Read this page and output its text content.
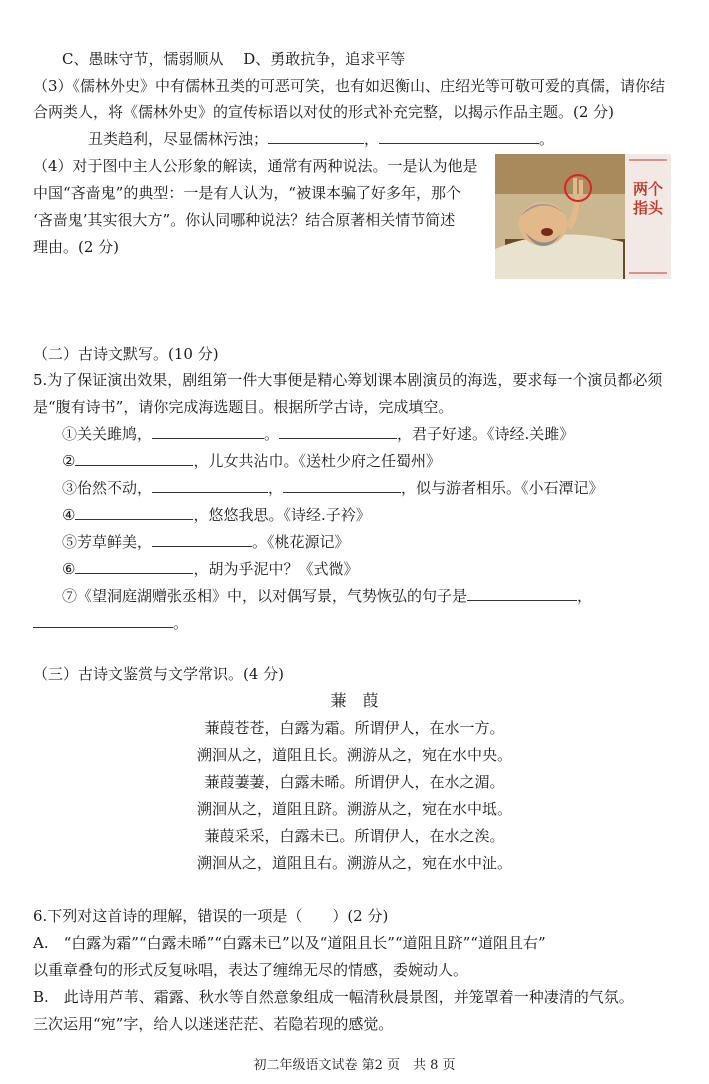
C、愚昧守节，懦弱顺从　 D、勇敢抗争，追求平等
（3）《儒林外史》中有儒林丑类的可恶可笑，也有如迟衡山、庄绍光等可敬可爱的真儒，请你结
合两类人，将《儒林外史》的宣传标语以对仗的形式补充完整，以揭示作品主题。(2 分)
丑类趋利，尽显儒林污浊；	，	。
（4）对于图中主人公形象的解读，通常有两种说法。一是认为他是
中国“吝啬鬼”的典型：一是有人认为，“被课本骗了好多年，那个
‘吝啬鬼’其实很大方”。你认同哪种说法？结合原著相关情节简述
理由。(2 分)
两个指头
（二）古诗文默写。(10 分)
5.为了保证演出效果，剧组第一件大事便是精心筹划课本剧演员的海选，要求每一个演员都必须
是“腹有诗书”，请你完成海选题目。根据所学古诗，完成填空。
①关关雎鸠，	。	，君子好逑。《诗经.关雎》
②	，儿女共沾巾。《送杜少府之任蜀州》
③佁然不动，	，	，似与游者相乐。《小石潭记》
④	，悠悠我思。《诗经.子衿》
⑤芳草鲜美，	。《桃花源记》
⑥	，胡为乎泥中？《式微》
⑦《望洞庭湖赠张丞相》中，以对偶写景，气势恢弘的句子是	，
。
（三）古诗文鉴赏与文学常识。(4 分)
蒹　葭
蒹葭苍苍，白露为霜。所谓伊人，在水一方。
溯洄从之，道阻且长。溯游从之，宛在水中央。
蒹葭萋萋，白露未晞。所谓伊人，在水之湄。
溯洄从之，道阻且跻。溯游从之，宛在水中坻。
蒹葭采采，白露未已。所谓伊人，在水之涘。
溯洄从之，道阻且右。溯游从之，宛在水中沚。
6.下列对这首诗的理解，错误的一项是（　　）(2 分)
A.　“白露为霜”“白露未晞”“白露未已”以及“道阻且长”“道阻且跻”“道阻且右”
以重章叠句的形式反复咏唱，表达了缠绵无尽的情感，委婉动人。
B.　此诗用芦苇、霜露、秋水等自然意象组成一幅清秋晨景图，并笼罩着一种凄清的气氛。
三次运用“宛”字，给人以迷迷茫茫、若隐若现的感觉。
初二年级语文试卷 第2 页　共 8 页
